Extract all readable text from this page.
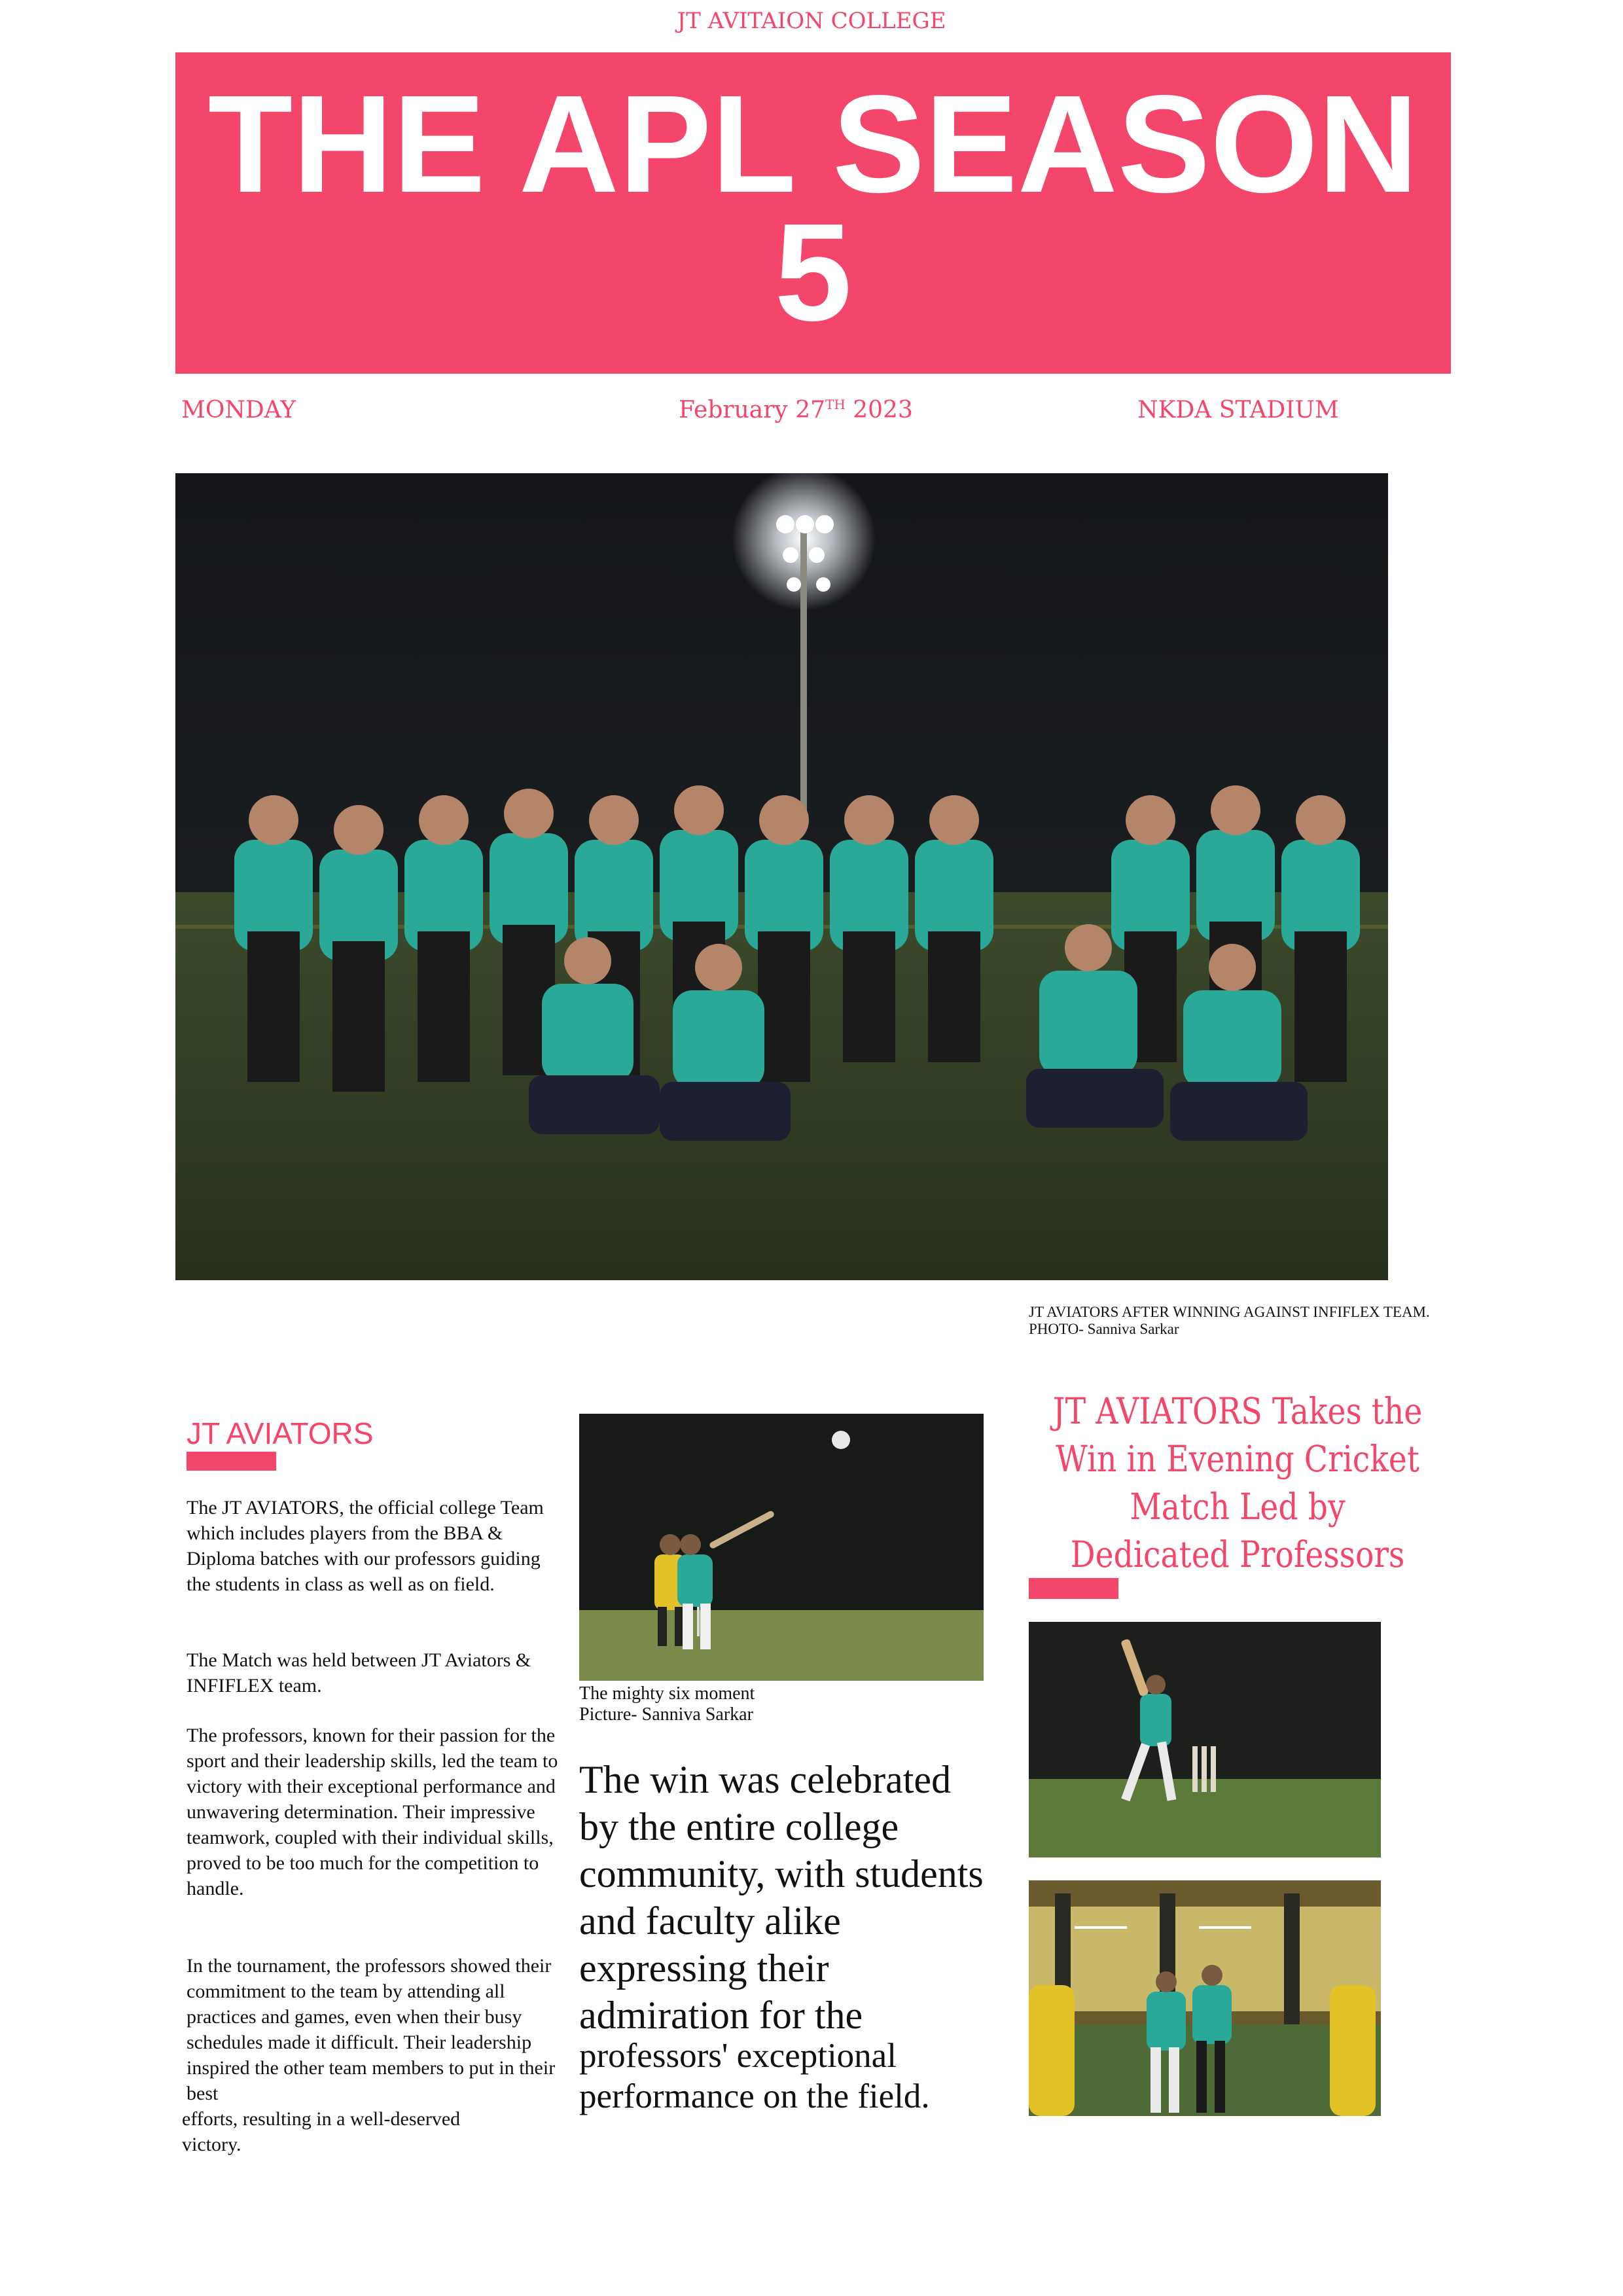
JT AVITAION COLLEGE
THE APL SEASON 5
MONDAY	February 27TH 2023	NKDA STADIUM
JT AVIATORS AFTER WINNING AGAINST INFIFLEX TEAM. PHOTO- Sanniva Sarkar
JT AVIATORS
The JT AVIATORS, the official college Team which includes players from the BBA & Diploma batches with our professors guiding the students in class as well as on field.
The Match was held between JT Aviators & INFIFLEX team.
The professors, known for their passion for the sport and their leadership skills, led the team to victory with their exceptional performance and unwavering determination. Their impressive teamwork, coupled with their individual skills, proved to be too much for the competition to handle.
In the tournament, the professors showed their commitment to the team by attending all practices and games, even when their busy schedules made it difficult. Their leadership inspired the other team members to put in their best
efforts, resulting in a well-deserved victory.
The mighty six moment
Picture- Sanniva Sarkar
The win was celebrated by the entire college community, with students and faculty alike expressing their admiration for the
professors' exceptional performance on the field.
JT AVIATORS Takes the Win in Evening Cricket Match Led by Dedicated Professors
